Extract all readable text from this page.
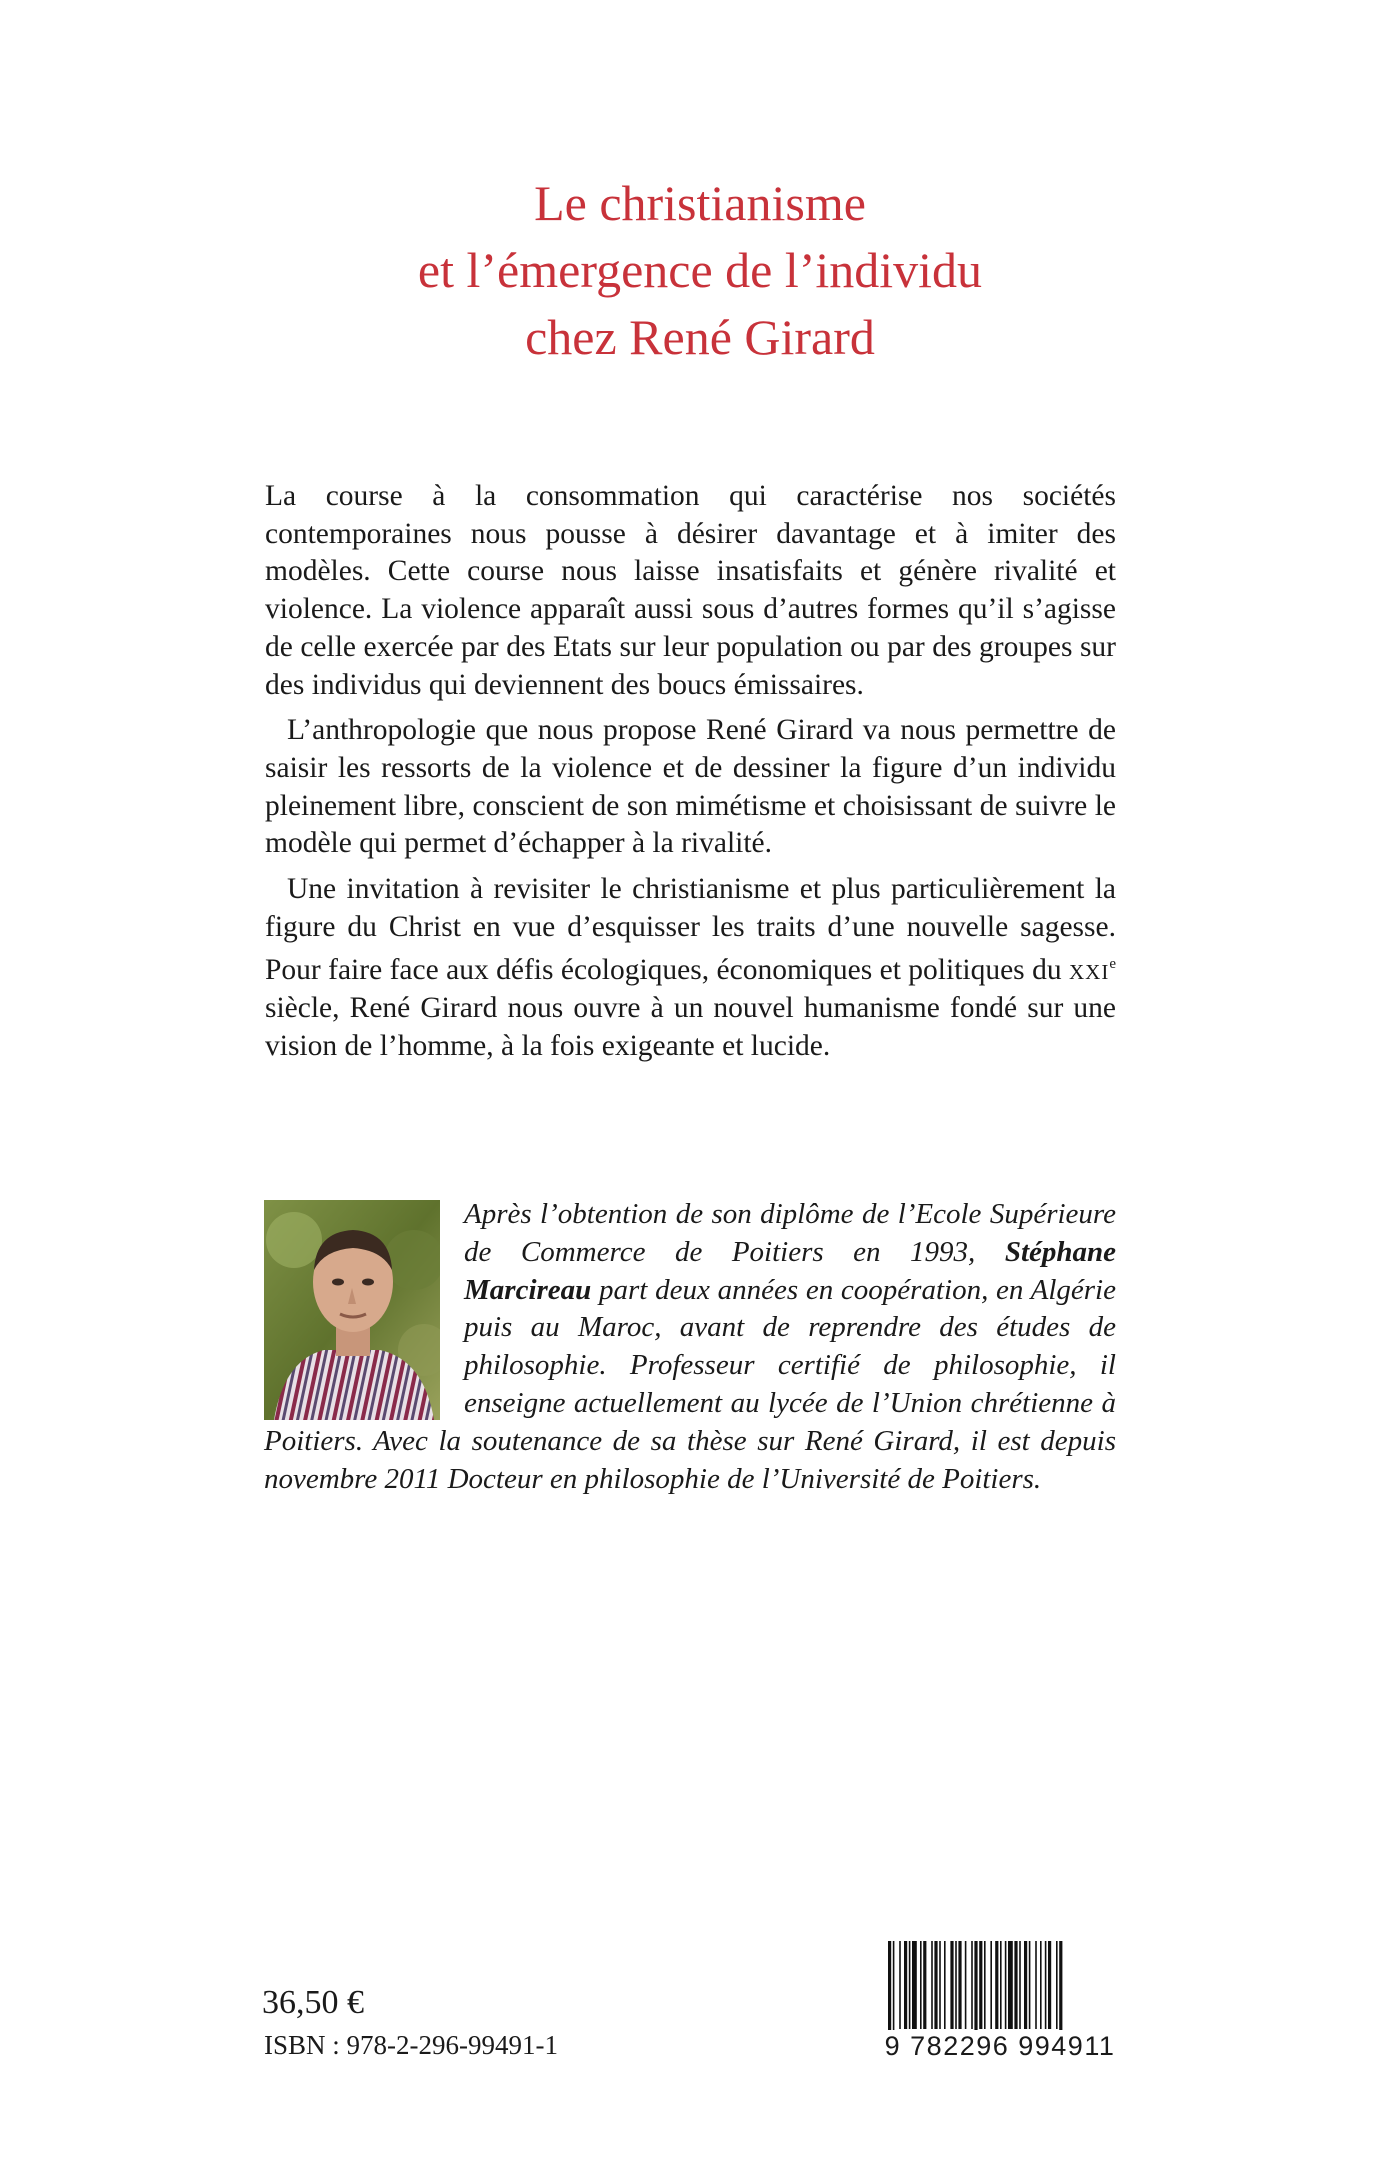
Le christianisme
et l’émergence de l’individu
chez René Girard

La course à la consommation qui caractérise nos sociétés contemporaines nous pousse à désirer davantage et à imiter des modèles. Cette course nous laisse insatisfaits et génère rivalité et violence. La violence apparaît aussi sous d’autres formes qu’il s’agisse de celle exercée par des Etats sur leur population ou par des groupes sur des individus qui deviennent des boucs émissaires.

L’anthropologie que nous propose René Girard va nous permettre de saisir les ressorts de la violence et de dessiner la figure d’un individu pleinement libre, conscient de son mimétisme et choisissant de suivre le modèle qui permet d’échapper à la rivalité.

Une invitation à revisiter le christianisme et plus particulièrement la figure du Christ en vue d’esquisser les traits d’une nouvelle sagesse. Pour faire face aux défis écologiques, économiques et politiques du xxi$^e$ siècle, René Girard nous ouvre à un nouvel humanisme fondé sur une vision de l’homme, à la fois exigeante et lucide.

Après l’obtention de son diplôme de l’Ecole Supérieure de Commerce de Poitiers en 1993, Stéphane Marcireau part deux années en coopération, en Algérie puis au Maroc, avant de reprendre des études de philosophie. Professeur certifié de philosophie, il enseigne actuellement au lycée de l’Union chrétienne à Poitiers. Avec la soutenance de sa thèse sur René Girard, il est depuis novembre 2011 Docteur en philosophie de l’Université de Poitiers.
36,50 €
ISBN : 978-2-296-99491-1	9 782296 994911
